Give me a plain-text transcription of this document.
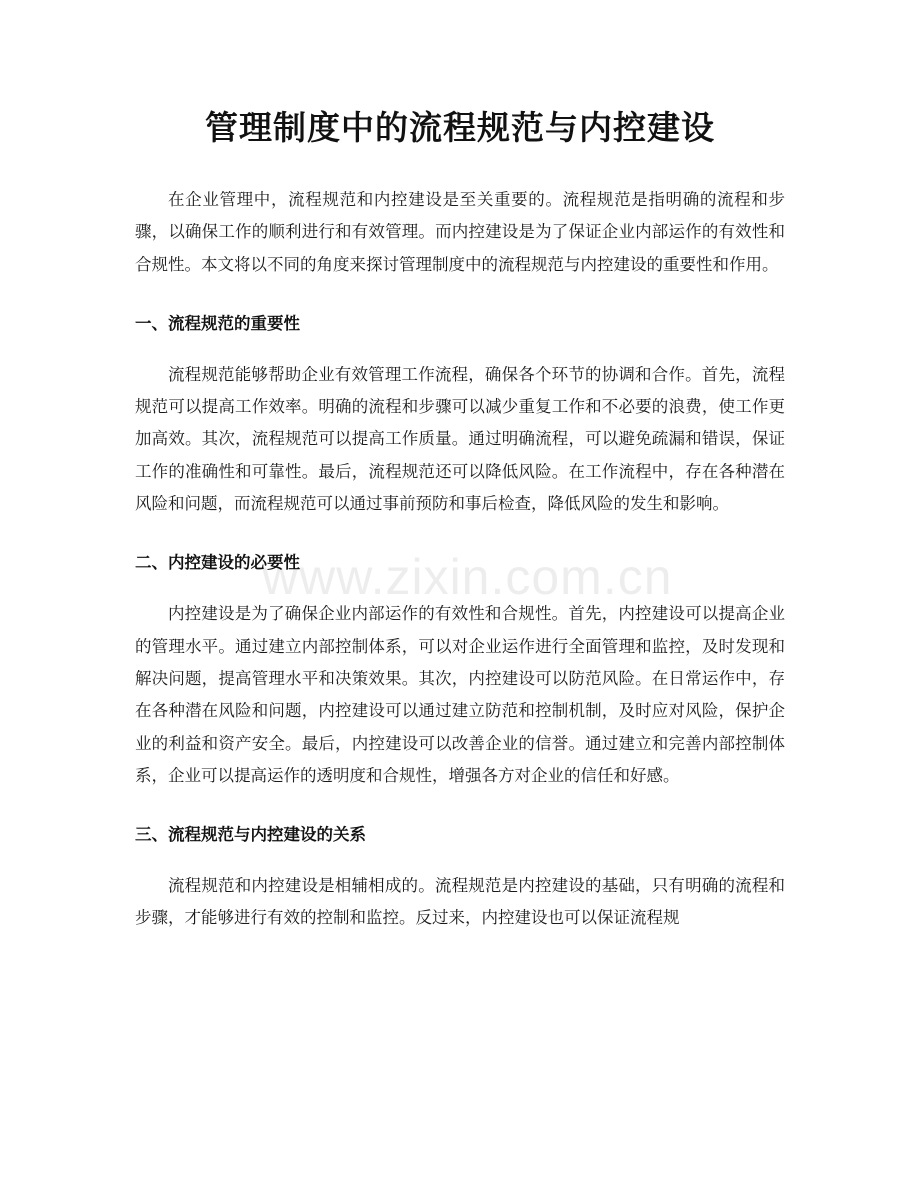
管理制度中的流程规范与内控建设

在企业管理中，流程规范和内控建设是至关重要的。流程规范是指明确的流程和步骤，以确保工作的顺利进行和有效管理。而内控建设是为了保证企业内部运作的有效性和合规性。本文将以不同的角度来探讨管理制度中的流程规范与内控建设的重要性和作用。

一、流程规范的重要性

流程规范能够帮助企业有效管理工作流程，确保各个环节的协调和合作。首先，流程规范可以提高工作效率。明确的流程和步骤可以减少重复工作和不必要的浪费，使工作更加高效。其次，流程规范可以提高工作质量。通过明确流程，可以避免疏漏和错误，保证工作的准确性和可靠性。最后，流程规范还可以降低风险。在工作流程中，存在各种潜在风险和问题，而流程规范可以通过事前预防和事后检查，降低风险的发生和影响。

二、内控建设的必要性

内控建设是为了确保企业内部运作的有效性和合规性。首先，内控建设可以提高企业的管理水平。通过建立内部控制体系，可以对企业运作进行全面管理和监控，及时发现和解决问题，提高管理水平和决策效果。其次，内控建设可以防范风险。在日常运作中，存在各种潜在风险和问题，内控建设可以通过建立防范和控制机制，及时应对风险，保护企业的利益和资产安全。最后，内控建设可以改善企业的信誉。通过建立和完善内部控制体系，企业可以提高运作的透明度和合规性，增强各方对企业的信任和好感。

三、流程规范与内控建设的关系

流程规范和内控建设是相辅相成的。流程规范是内控建设的基础，只有明确的流程和步骤，才能够进行有效的控制和监控。反过来，内控建设也可以保证流程规

www.zixin.com.cn
